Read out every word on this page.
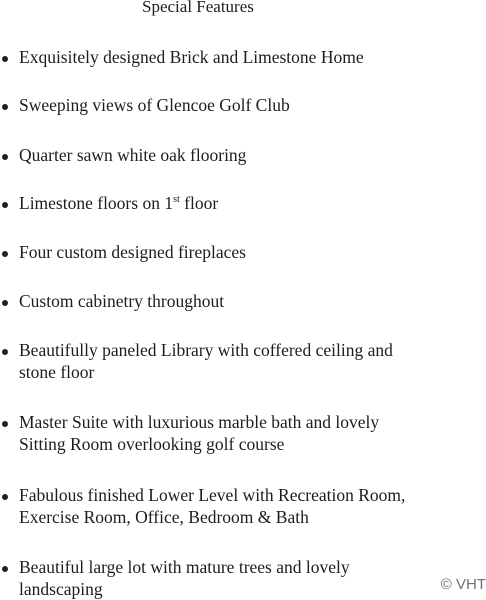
Special Features
Exquisitely designed Brick and Limestone Home
Sweeping views of Glencoe Golf Club
Quarter sawn white oak flooring
Limestone floors on 1st floor
Four custom designed fireplaces
Custom cabinetry throughout
Beautifully paneled Library with coffered ceiling and
stone floor
Master Suite with luxurious marble bath and lovely
Sitting Room overlooking golf course
Fabulous finished Lower Level with Recreation Room,
Exercise Room, Office, Bedroom & Bath
Beautiful large lot with mature trees and lovely
landscaping	© VHT
